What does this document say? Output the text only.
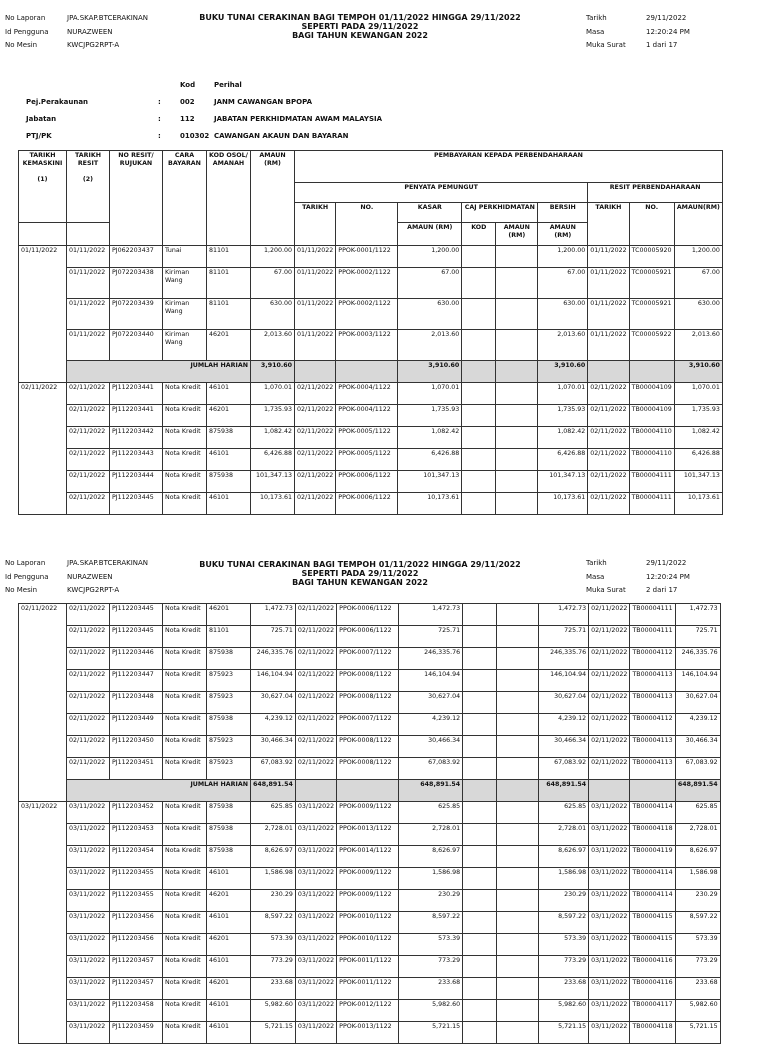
No Laporan	JPA.SKAP.BTCERAKINAN
Id Pengguna	NURAZWEEN
No Mesin	KWCJPG2RPT-A
BUKU TUNAI CERAKINAN BAGI TEMPOH 01/11/2022 HINGGA 29/11/2022
SEPERTI PADA 29/11/2022
BAGI TAHUN KEWANGAN 2022
Tarikh	29/11/2022
Masa	12:20:24 PM
Muka Surat	1 dari 17
Kod	Perihal
Pej.Perakaunan	:	002	JANM CAWANGAN BPOPA
Jabatan	:	112	JABATAN PERKHIDMATAN AWAM MALAYSIA
PTJ/PK	:	010302 CAWANGAN AKAUN DAN BAYARAN
TARIKH KEMASKINI

(1)	TARIKH RESIT

(2)	NO RESIT/ RUJUKAN	CARA BAYARAN	KOD OSOL/ AMANAH	AMAUN (RM)	PEMBAYARAN KEPADA PERBENDAHARAAN								
						PENYATA PEMUNGUT						RESIT PERBENDAHARAAN		
						TARIKH	NO.	KASAR	CAJ PERKHIDMATAN		BERSIH	TARIKH	NO.	AMAUN(RM)
								AMAUN (RM)	KOD	AMAUN (RM)	AMAUN (RM)			
01/11/2022	01/11/2022	PJ062203437	Tunai	81101	1,200.00	01/11/2022	PPOK-0001/1122	1,200.00			1,200.00	01/11/2022	TC00005920	1,200.00
	01/11/2022	PJ072203438	Kiriman Wang	81101	67.00	01/11/2022	PPOK-0002/1122	67.00			67.00	01/11/2022	TC00005921	67.00
	01/11/2022	PJ072203439	Kiriman Wang	81101	630.00	01/11/2022	PPOK-0002/1122	630.00			630.00	01/11/2022	TC00005921	630.00
	01/11/2022	PJ072203440	Kiriman Wang	46201	2,013.60	01/11/2022	PPOK-0003/1122	2,013.60			2,013.60	01/11/2022	TC00005922	2,013.60
	JUMLAH HARIAN				3,910.60			3,910.60			3,910.60			3,910.60
02/11/2022	02/11/2022	PJ112203441	Nota Kredit	46101	1,070.01	02/11/2022	PPOK-0004/1122	1,070.01			1,070.01	02/11/2022	TB00004109	1,070.01
	02/11/2022	PJ112203441	Nota Kredit	46201	1,735.93	02/11/2022	PPOK-0004/1122	1,735.93			1,735.93	02/11/2022	TB00004109	1,735.93
	02/11/2022	PJ112203442	Nota Kredit	875938	1,082.42	02/11/2022	PPOK-0005/1122	1,082.42			1,082.42	02/11/2022	TB00004110	1,082.42
	02/11/2022	PJ112203443	Nota Kredit	46101	6,426.88	02/11/2022	PPOK-0005/1122	6,426.88			6,426.88	02/11/2022	TB00004110	6,426.88
	02/11/2022	PJ112203444	Nota Kredit	875938	101,347.13	02/11/2022	PPOK-0006/1122	101,347.13			101,347.13	02/11/2022	TB00004111	101,347.13
	02/11/2022	PJ112203445	Nota Kredit	46101	10,173.61	02/11/2022	PPOK-0006/1122	10,173.61			10,173.61	02/11/2022	TB00004111	10,173.61
No Laporan	JPA.SKAP.BTCERAKINAN
Id Pengguna	NURAZWEEN
No Mesin	KWCJPG2RPT-A
BUKU TUNAI CERAKINAN BAGI TEMPOH 01/11/2022 HINGGA 29/11/2022
SEPERTI PADA 29/11/2022
BAGI TAHUN KEWANGAN 2022
Tarikh	29/11/2022
Masa	12:20:24 PM
Muka Surat	2 dari 17
02/11/2022	02/11/2022	PJ112203445	Nota Kredit	46201	1,472.73	02/11/2022	PPOK-0006/1122	1,472.73			1,472.73	02/11/2022	TB00004111	1,472.73
	02/11/2022	PJ112203445	Nota Kredit	81101	725.71	02/11/2022	PPOK-0006/1122	725.71			725.71	02/11/2022	TB00004111	725.71
	02/11/2022	PJ112203446	Nota Kredit	875938	246,335.76	02/11/2022	PPOK-0007/1122	246,335.76			246,335.76	02/11/2022	TB00004112	246,335.76
	02/11/2022	PJ112203447	Nota Kredit	875923	146,104.94	02/11/2022	PPOK-0008/1122	146,104.94			146,104.94	02/11/2022	TB00004113	146,104.94
	02/11/2022	PJ112203448	Nota Kredit	875923	30,627.04	02/11/2022	PPOK-0008/1122	30,627.04			30,627.04	02/11/2022	TB00004113	30,627.04
	02/11/2022	PJ112203449	Nota Kredit	875938	4,239.12	02/11/2022	PPOK-0007/1122	4,239.12			4,239.12	02/11/2022	TB00004112	4,239.12
	02/11/2022	PJ112203450	Nota Kredit	875923	30,466.34	02/11/2022	PPOK-0008/1122	30,466.34			30,466.34	02/11/2022	TB00004113	30,466.34
	02/11/2022	PJ112203451	Nota Kredit	875923	67,083.92	02/11/2022	PPOK-0008/1122	67,083.92			67,083.92	02/11/2022	TB00004113	67,083.92
	JUMLAH HARIAN				648,891.54			648,891.54			648,891.54			648,891.54
03/11/2022	03/11/2022	PJ112203452	Nota Kredit	875938	625.85	03/11/2022	PPOK-0009/1122	625.85			625.85	03/11/2022	TB00004114	625.85
	03/11/2022	PJ112203453	Nota Kredit	875938	2,728.01	03/11/2022	PPOK-0013/1122	2,728.01			2,728.01	03/11/2022	TB00004118	2,728.01
	03/11/2022	PJ112203454	Nota Kredit	875938	8,626.97	03/11/2022	PPOK-0014/1122	8,626.97			8,626.97	03/11/2022	TB00004119	8,626.97
	03/11/2022	PJ112203455	Nota Kredit	46101	1,586.98	03/11/2022	PPOK-0009/1122	1,586.98			1,586.98	03/11/2022	TB00004114	1,586.98
	03/11/2022	PJ112203455	Nota Kredit	46201	230.29	03/11/2022	PPOK-0009/1122	230.29			230.29	03/11/2022	TB00004114	230.29
	03/11/2022	PJ112203456	Nota Kredit	46101	8,597.22	03/11/2022	PPOK-0010/1122	8,597.22			8,597.22	03/11/2022	TB00004115	8,597.22
	03/11/2022	PJ112203456	Nota Kredit	46201	573.39	03/11/2022	PPOK-0010/1122	573.39			573.39	03/11/2022	TB00004115	573.39
	03/11/2022	PJ112203457	Nota Kredit	46101	773.29	03/11/2022	PPOK-0011/1122	773.29			773.29	03/11/2022	TB00004116	773.29
	03/11/2022	PJ112203457	Nota Kredit	46201	233.68	03/11/2022	PPOK-0011/1122	233.68			233.68	03/11/2022	TB00004116	233.68
	03/11/2022	PJ112203458	Nota Kredit	46101	5,982.60	03/11/2022	PPOK-0012/1122	5,982.60			5,982.60	03/11/2022	TB00004117	5,982.60
	03/11/2022	PJ112203459	Nota Kredit	46101	5,721.15	03/11/2022	PPOK-0013/1122	5,721.15			5,721.15	03/11/2022	TB00004118	5,721.15
